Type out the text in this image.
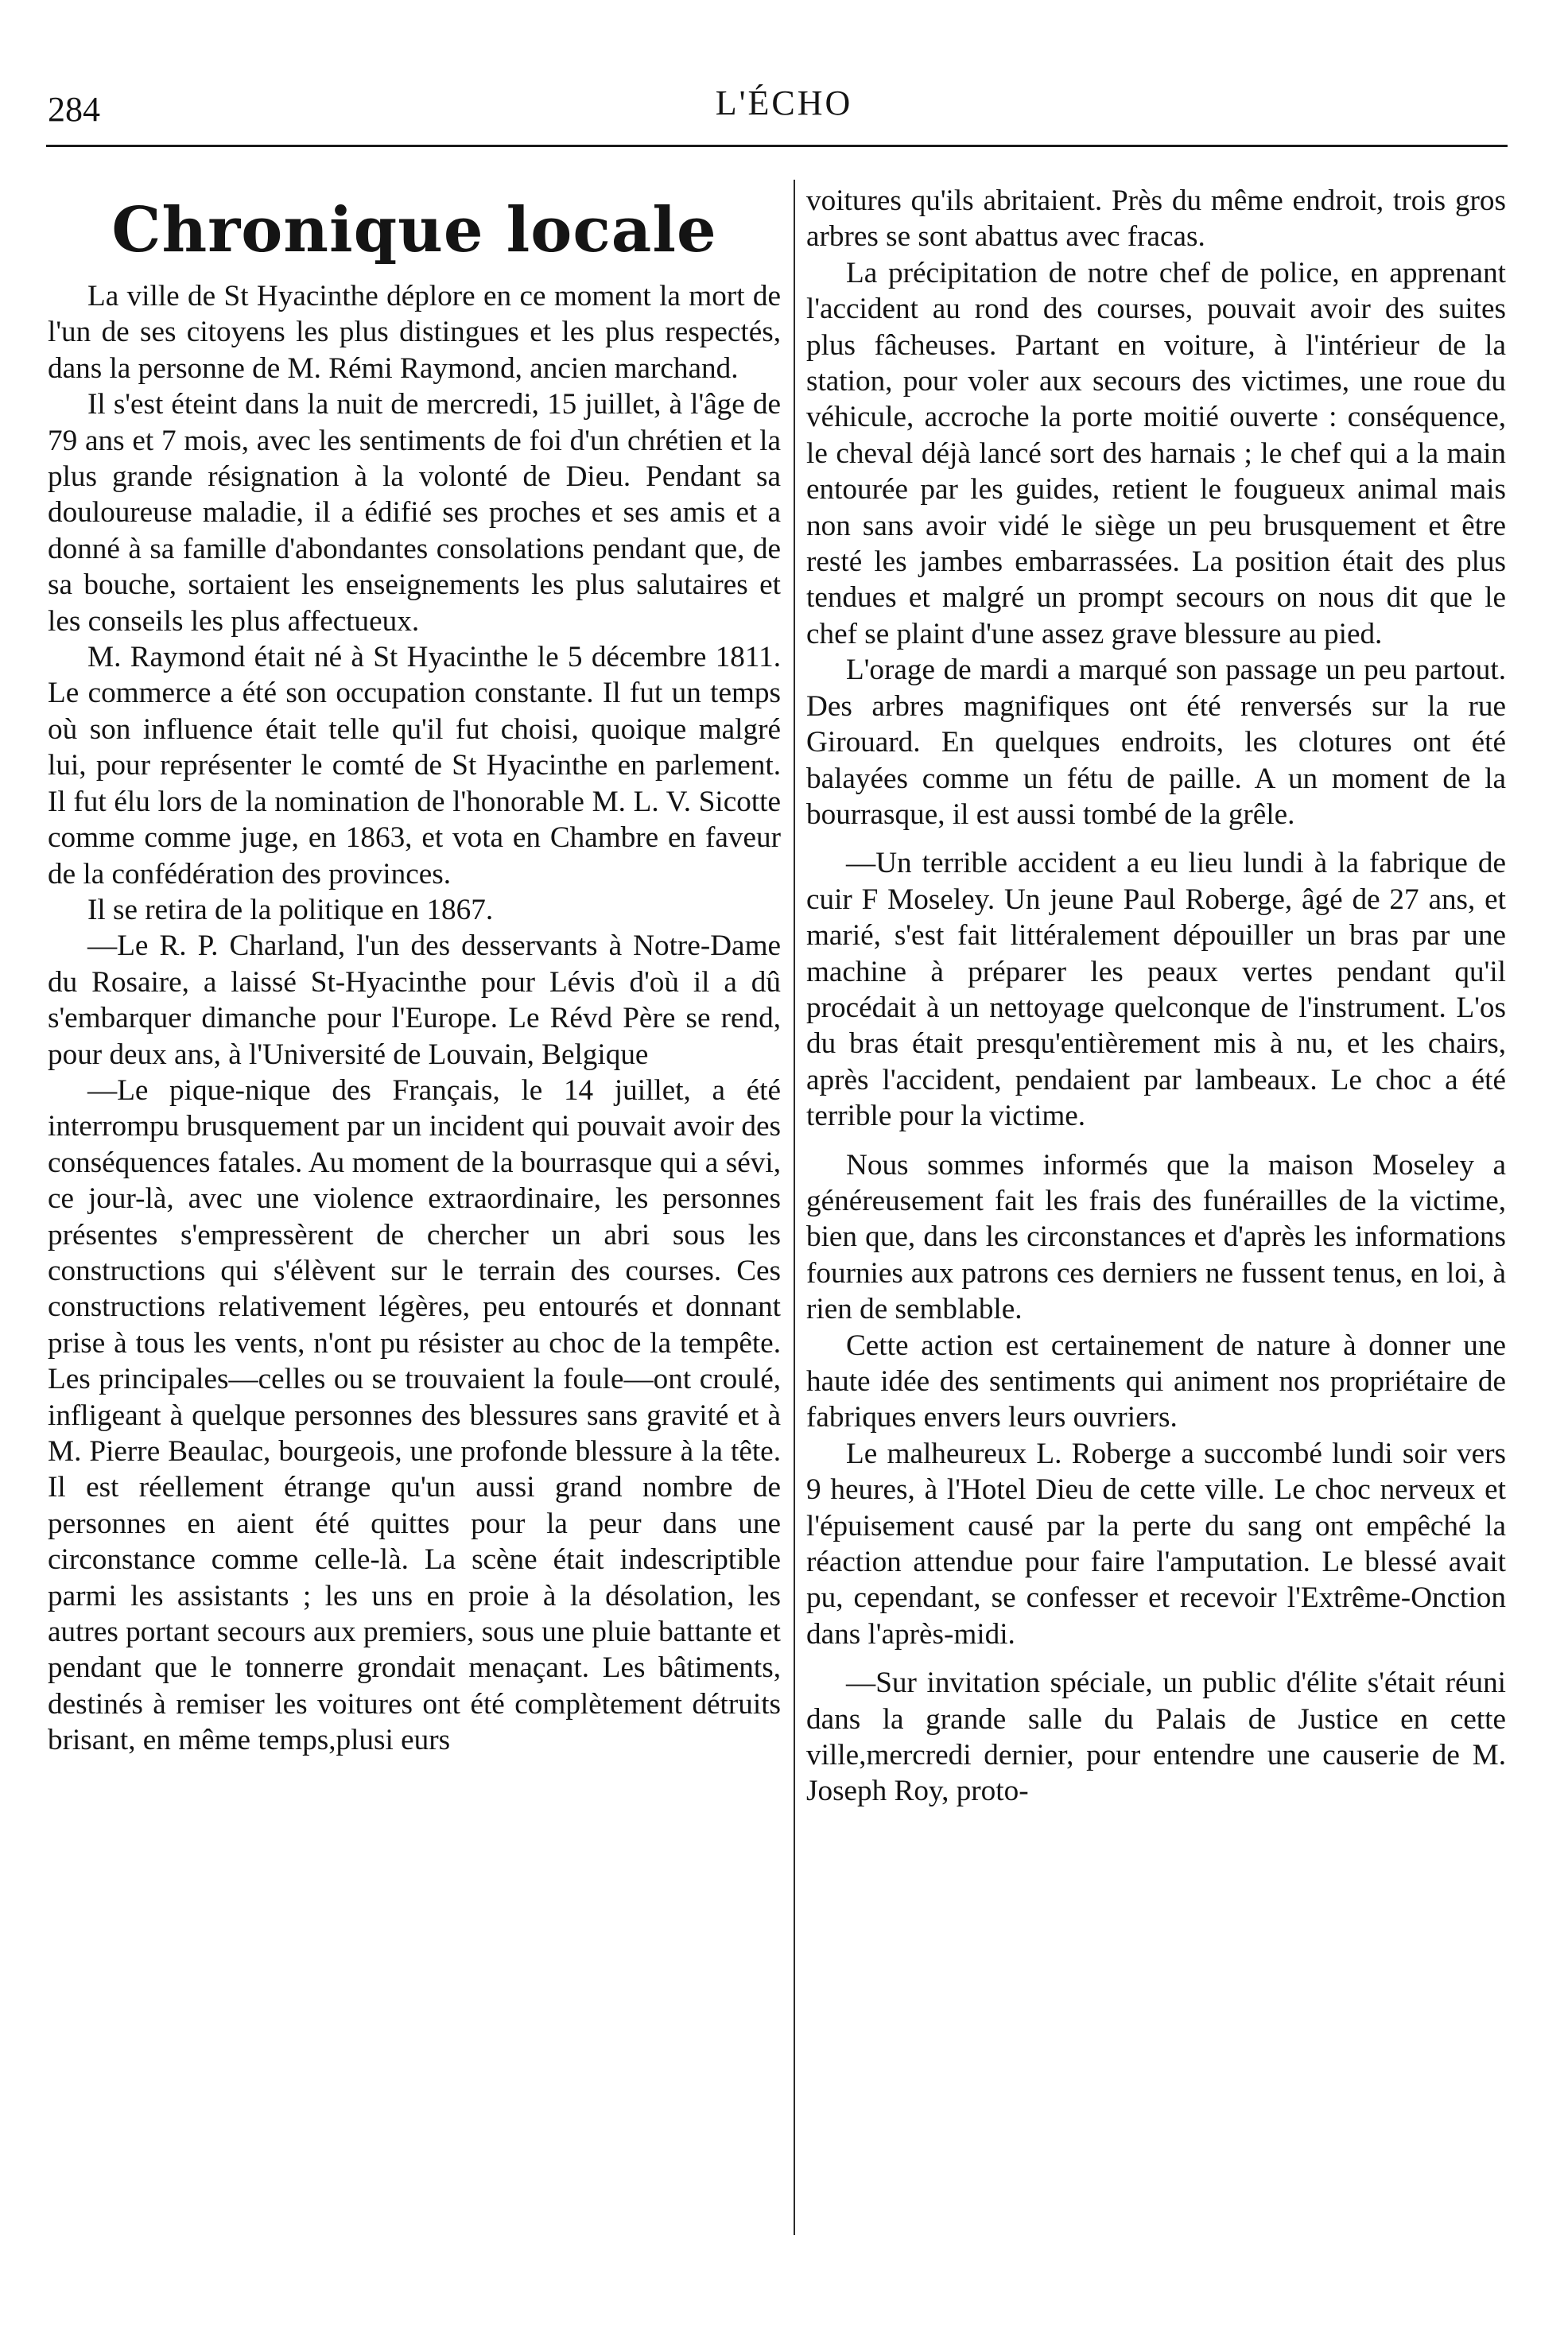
284	L'ÉCHO
Chronique locale

La ville de St Hyacinthe déplore en ce moment la mort de l'un de ses citoyens les plus distingues et les plus respectés, dans la personne de M. Rémi Raymond, ancien marchand.

Il s'est éteint dans la nuit de mercredi, 15 juillet, à l'âge de 79 ans et 7 mois, avec les sentiments de foi d'un chrétien et la plus grande résignation à la volonté de Dieu. Pendant sa douloureuse maladie, il a édifié ses proches et ses amis et a donné à sa famille d'abondantes consolations pendant que, de sa bouche, sortaient les enseignements les plus salutaires et les conseils les plus affectueux.

M. Raymond était né à St Hyacinthe le 5 décembre 1811. Le commerce a été son occupation constante. Il fut un temps où son influence était telle qu'il fut choisi, quoique malgré lui, pour représenter le comté de St Hyacinthe en parlement. Il fut élu lors de la nomination de l'honorable M. L. V. Sicotte comme comme juge, en 1863, et vota en Chambre en faveur de la confédération des provinces.

Il se retira de la politique en 1867.

—Le R. P. Charland, l'un des desservants à Notre-Dame du Rosaire, a laissé St-Hyacinthe pour Lévis d'où il a dû s'embarquer dimanche pour l'Europe. Le Révd Père se rend, pour deux ans, à l'Université de Louvain, Belgique

—Le pique-nique des Français, le 14 juillet, a été interrompu brusquement par un incident qui pouvait avoir des conséquences fatales. Au moment de la bourrasque qui a sévi, ce jour-là, avec une violence extraordinaire, les personnes présentes s'empressèrent de chercher un abri sous les constructions qui s'élèvent sur le terrain des courses. Ces constructions relativement légères, peu entourés et donnant prise à tous les vents, n'ont pu résister au choc de la tempête. Les principales—celles ou se trouvaient la foule—ont croulé, infligeant à quelque personnes des blessures sans gravité et à M. Pierre Beaulac, bourgeois, une profonde blessure à la tête. Il est réellement étrange qu'un aussi grand nombre de personnes en aient été quittes pour la peur dans une circonstance comme celle-là. La scène était indescriptible parmi les assistants ; les uns en proie à la désolation, les autres portant secours aux premiers, sous une pluie battante et pendant que le tonnerre grondait menaçant. Les bâtiments, destinés à remiser les voitures ont été complètement détruits brisant, en même temps,plusi eurs

voitures qu'ils abritaient. Près du même endroit, trois gros arbres se sont abattus avec fracas.

La précipitation de notre chef de police, en apprenant l'accident au rond des courses, pouvait avoir des suites plus fâcheuses. Partant en voiture, à l'intérieur de la station, pour voler aux secours des victimes, une roue du véhicule, accroche la porte moitié ouverte : conséquence, le cheval déjà lancé sort des harnais ; le chef qui a la main entourée par les guides, retient le fougueux animal mais non sans avoir vidé le siège un peu brusquement et être resté les jambes embarrassées. La position était des plus tendues et malgré un prompt secours on nous dit que le chef se plaint d'une assez grave blessure au pied.

L'orage de mardi a marqué son passage un peu partout. Des arbres magnifiques ont été renversés sur la rue Girouard. En quelques endroits, les clotures ont été balayées comme un fétu de paille. A un moment de la bourrasque, il est aussi tombé de la grêle.

—Un terrible accident a eu lieu lundi à la fabrique de cuir F Moseley. Un jeune Paul Roberge, âgé de 27 ans, et marié, s'est fait littéralement dépouiller un bras par une machine à préparer les peaux vertes pendant qu'il procédait à un nettoyage quelconque de l'instrument. L'os du bras était presqu'entièrement mis à nu, et les chairs, après l'accident, pendaient par lambeaux. Le choc a été terrible pour la victime.

Nous sommes informés que la maison Moseley a généreusement fait les frais des funérailles de la victime, bien que, dans les circonstances et d'après les informations fournies aux patrons ces derniers ne fussent tenus, en loi, à rien de semblable.

Cette action est certainement de nature à donner une haute idée des sentiments qui animent nos propriétaire de fabriques envers leurs ouvriers.

Le malheureux L. Roberge a succombé lundi soir vers 9 heures, à l'Hotel Dieu de cette ville. Le choc nerveux et l'épuisement causé par la perte du sang ont empêché la réaction attendue pour faire l'amputation. Le blessé avait pu, cependant, se confesser et recevoir l'Extrême-Onction dans l'après-midi.

—Sur invitation spéciale, un public d'élite s'était réuni dans la grande salle du Palais de Justice en cette ville,mercredi dernier, pour entendre une causerie de M. Joseph Roy, proto-
